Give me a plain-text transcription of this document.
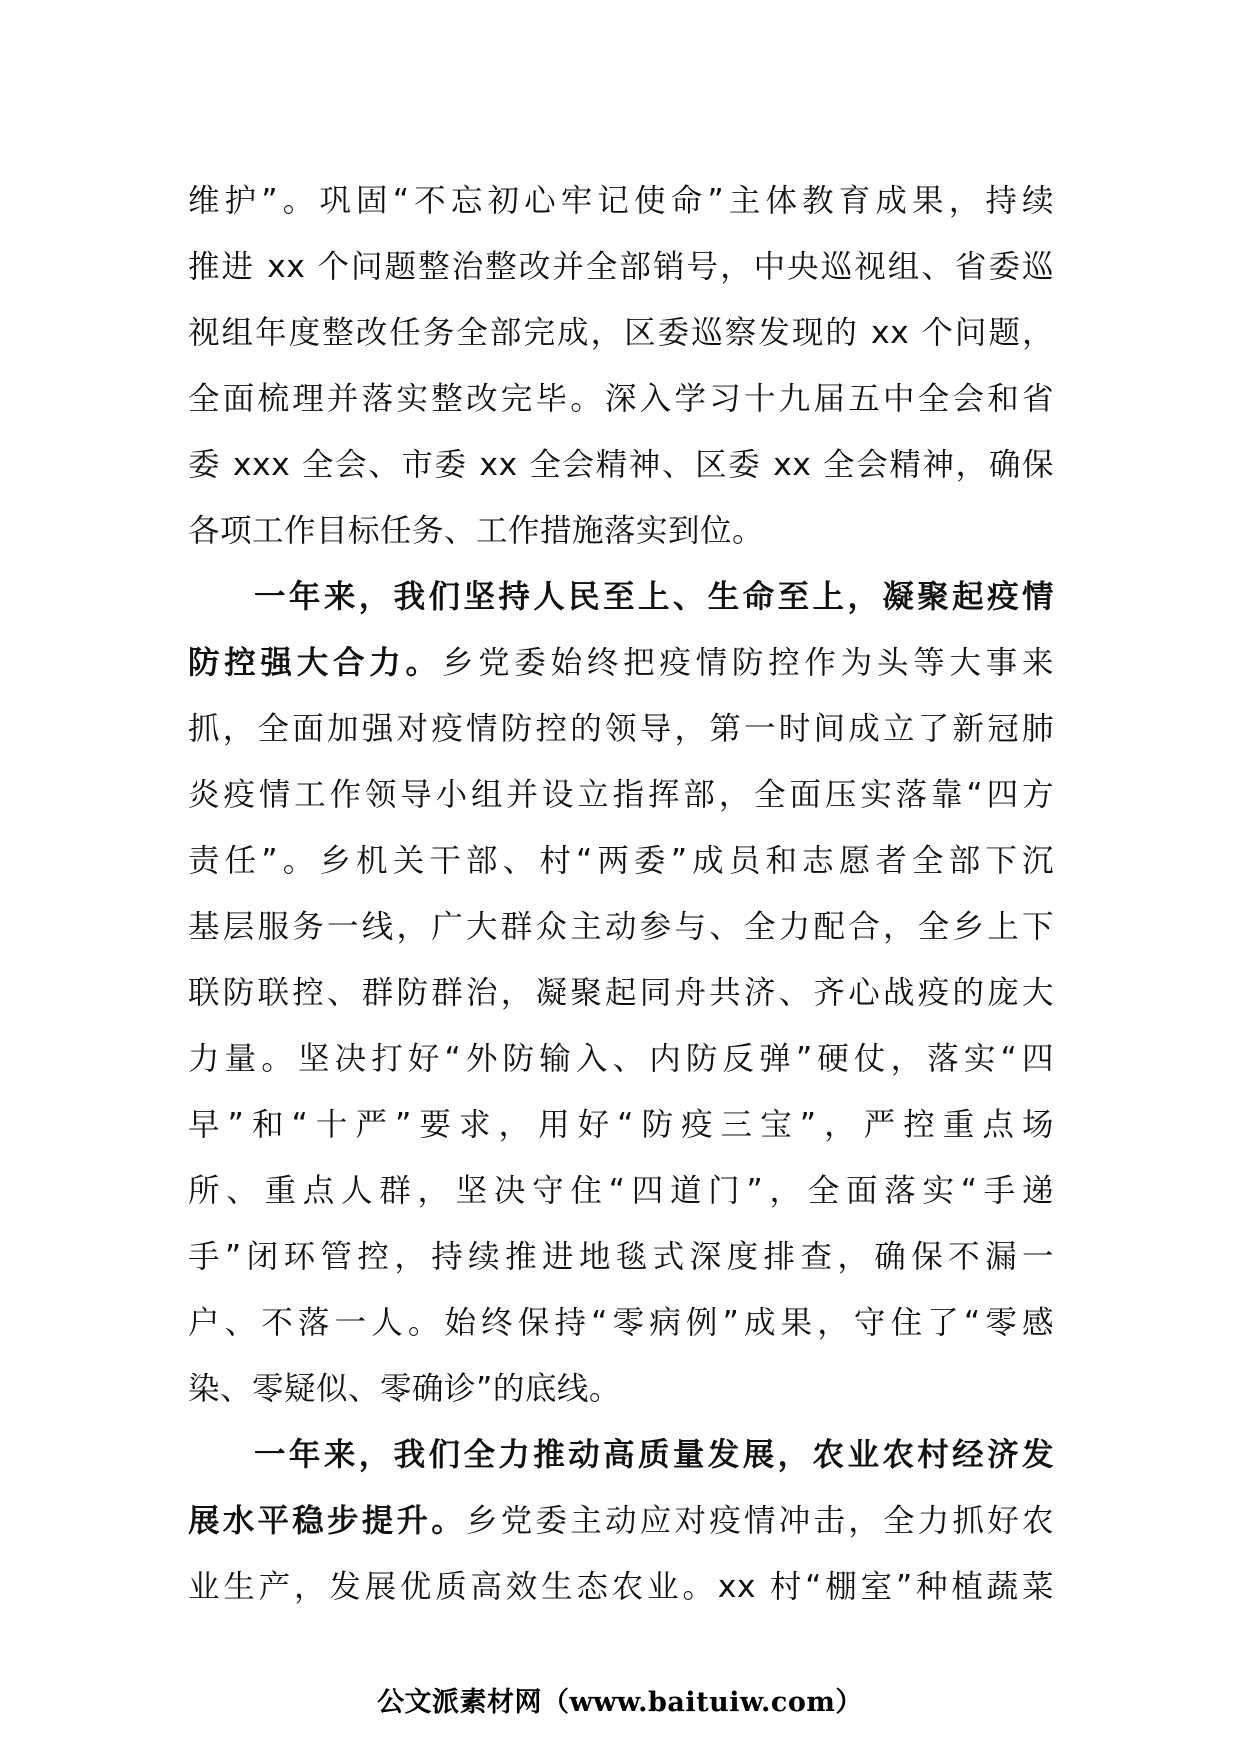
维护”。巩固“不忘初心牢记使命”主体教育成果，持续
推进 xx 个问题整治整改并全部销号，中央巡视组、省委巡
视组年度整改任务全部完成，区委巡察发现的 xx 个问题，
全面梳理并落实整改完毕。深入学习十九届五中全会和省
委 xxx 全会、市委 xx 全会精神、区委 xx 全会精神，确保
各项工作目标任务、工作措施落实到位。
一年来，我们坚持人民至上、生命至上，凝聚起疫情
防控强大合力。乡党委始终把疫情防控作为头等大事来
抓，全面加强对疫情防控的领导，第一时间成立了新冠肺
炎疫情工作领导小组并设立指挥部，全面压实落靠“四方
责任”。乡机关干部、村“两委”成员和志愿者全部下沉
基层服务一线，广大群众主动参与、全力配合，全乡上下
联防联控、群防群治，凝聚起同舟共济、齐心战疫的庞大
力量。坚决打好“外防输入、内防反弹”硬仗，落实“四
早”和“十严”要求，用好“防疫三宝”，严控重点场
所、重点人群，坚决守住“四道门”，全面落实“手递
手”闭环管控，持续推进地毯式深度排查，确保不漏一
户、不落一人。始终保持“零病例”成果，守住了“零感
染、零疑似、零确诊”的底线。
一年来，我们全力推动高质量发展，农业农村经济发
展水平稳步提升。乡党委主动应对疫情冲击，全力抓好农
业生产，发展优质高效生态农业。xx 村“棚室”种植蔬菜
公文派素材网（www.baituiw.com）
